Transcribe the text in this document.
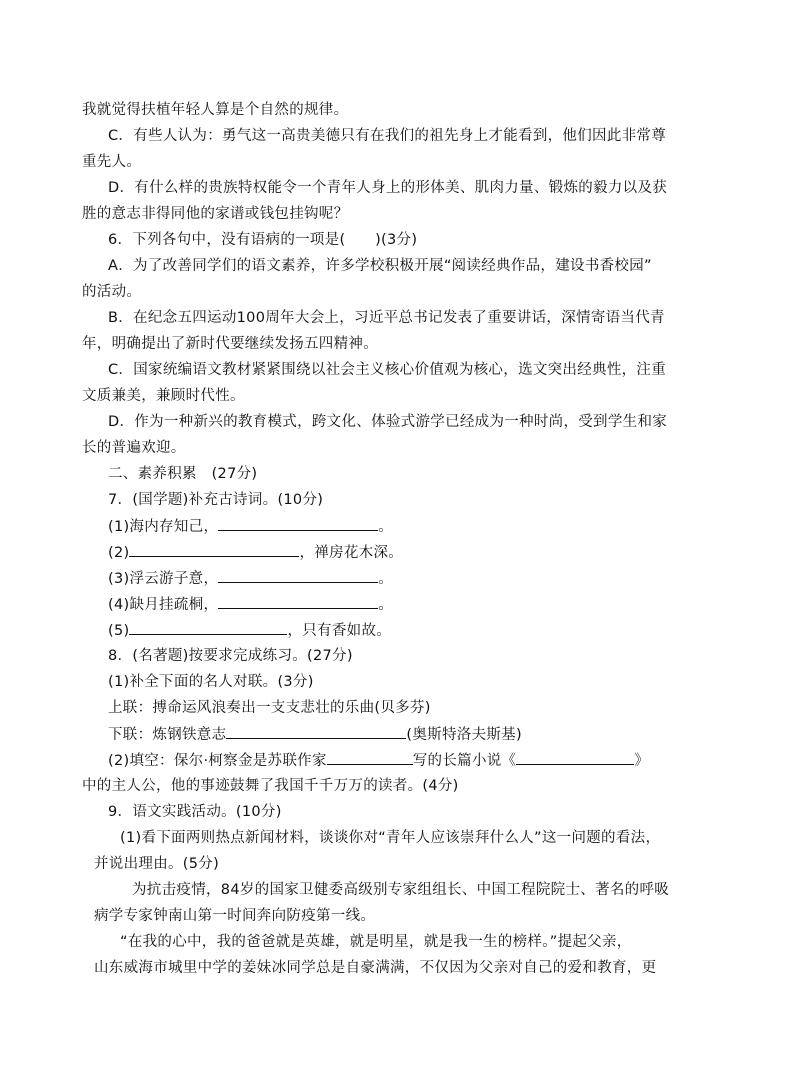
我就觉得扶植年轻人算是个自然的规律。
C．有些人认为：勇气这一高贵美德只有在我们的祖先身上才能看到，他们因此非常尊
重先人。
D．有什么样的贵族特权能令一个青年人身上的形体美、肌肉力量、锻炼的毅力以及获
胜的意志非得同他的家谱或钱包挂钩呢？
6．下列各句中，没有语病的一项是(　　)(3分)
A．为了改善同学们的语文素养，许多学校积极开展“阅读经典作品，建设书香校园”
的活动。
B．在纪念五四运动100周年大会上，习近平总书记发表了重要讲话，深情寄语当代青
年，明确提出了新时代要继续发扬五四精神。
C．国家统编语文教材紧紧围绕以社会主义核心价值观为核心，选文突出经典性，注重
文质兼美，兼顾时代性。
D．作为一种新兴的教育模式，跨文化、体验式游学已经成为一种时尚，受到学生和家
长的普遍欢迎。
二、素养积累　(27分)
7．(国学题)补充古诗词。(10分)
(1)海内存知己，	。
(2)	，禅房花木深。
(3)浮云游子意，	。
(4)缺月挂疏桐，	。
(5)	，只有香如故。
8．(名著题)按要求完成练习。(27分)
(1)补全下面的名人对联。(3分)
上联：搏命运风浪奏出一支支悲壮的乐曲(贝多芬)
下联：炼钢铁意志	(奥斯特洛夫斯基)
(2)填空：保尔·柯察金是苏联作家	写的长篇小说《	》
中的主人公，他的事迹鼓舞了我国千千万万的读者。(4分)
9．语文实践活动。(10分)
(1)看下面两则热点新闻材料，谈谈你对“青年人应该崇拜什么人”这一问题的看法，
并说出理由。(5分)
为抗击疫情，84岁的国家卫健委高级别专家组组长、中国工程院院士、著名的呼吸
病学专家钟南山第一时间奔向防疫第一线。
“在我的心中，我的爸爸就是英雄，就是明星，就是我一生的榜样。”提起父亲，
山东威海市城里中学的姜妹冰同学总是自豪满满，不仅因为父亲对自己的爱和教育，更
